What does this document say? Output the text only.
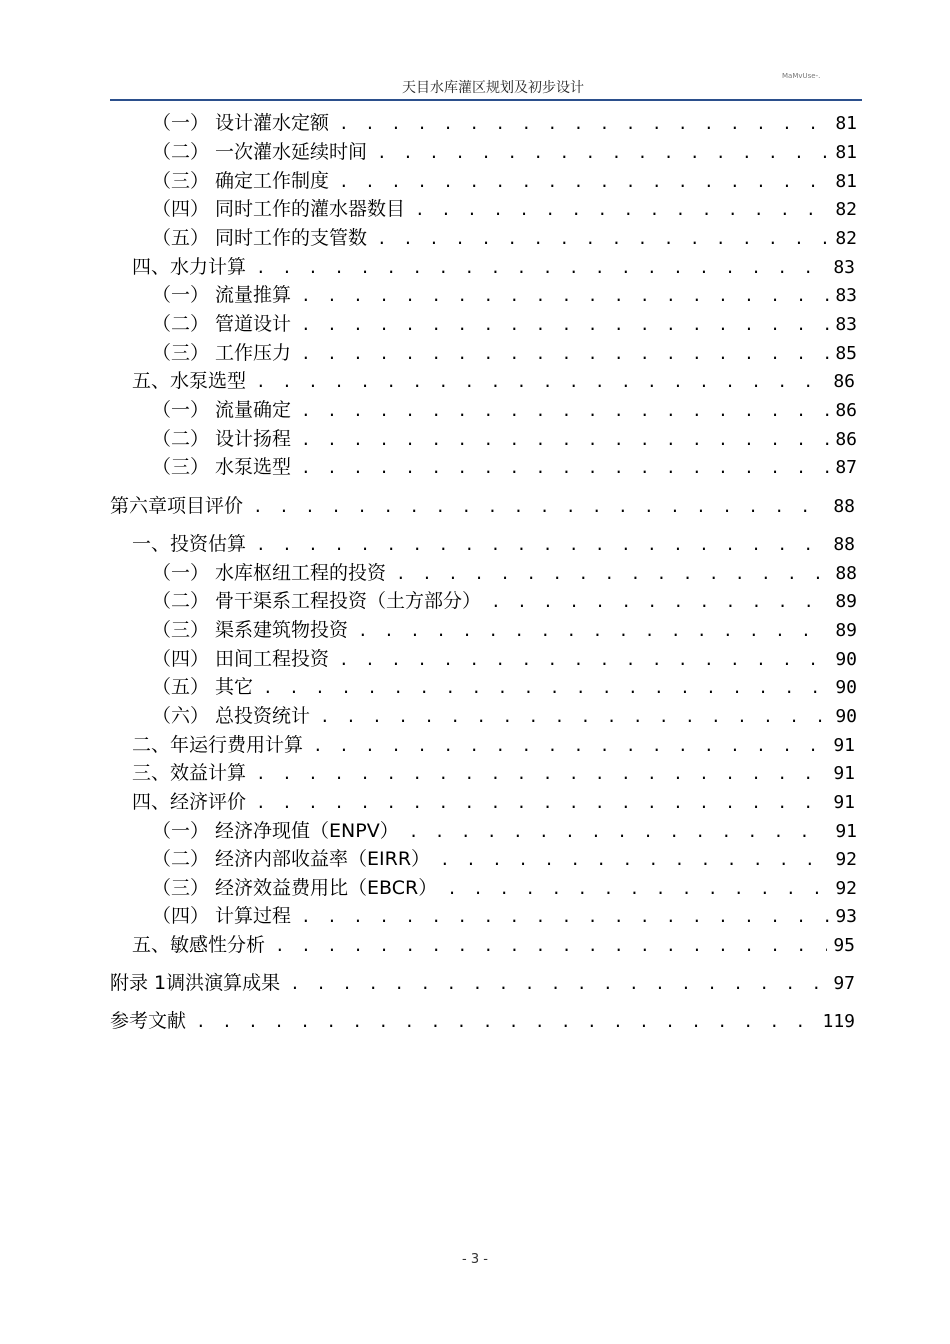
天目水库灌区规划及初步设计
MaMvUse-.
（一） 设计灌水定额 . . .	81
（二） 一次灌水延续时间 . . .	81
（三） 确定工作制度 . . .	81
（四） 同时工作的灌水器数目 . . .	82
（五） 同时工作的支管数 . . .	82
四、 水力计算 . . .	83
（一） 流量推算 . . .	83
（二） 管道设计 . . .	83
（三） 工作压力 . . .	85
五、 水泵选型 . . .	86
（一） 流量确定 . . .	86
（二） 设计扬程 . . .	86
（三） 水泵选型 . . .	87
第六章 项目评价 . . .	88
一、 投资估算 . . .	88
（一） 水库枢纽工程的投资 . . .	88
（二） 骨干渠系工程投资（土方部分） . . .	89
（三） 渠系建筑物投资 . . .	89
（四） 田间工程投资 . . .	90
（五） 其它 . . .	90
（六） 总投资统计 . . .	90
二、 年运行费用计算 . . .	91
三、 效益计算 . . .	91
四、 经济评价 . . .	91
（一） 经济净现值（ENPV） . . .	91
（二） 经济内部收益率（EIRR） . . .	92
（三） 经济效益费用比（EBCR） . . .	92
（四） 计算过程 . . .	93
五、 敏感性分析 . . .	95
附录 1 调洪演算成果 . . .	97
参考文献 . . .	119
- 3 -
